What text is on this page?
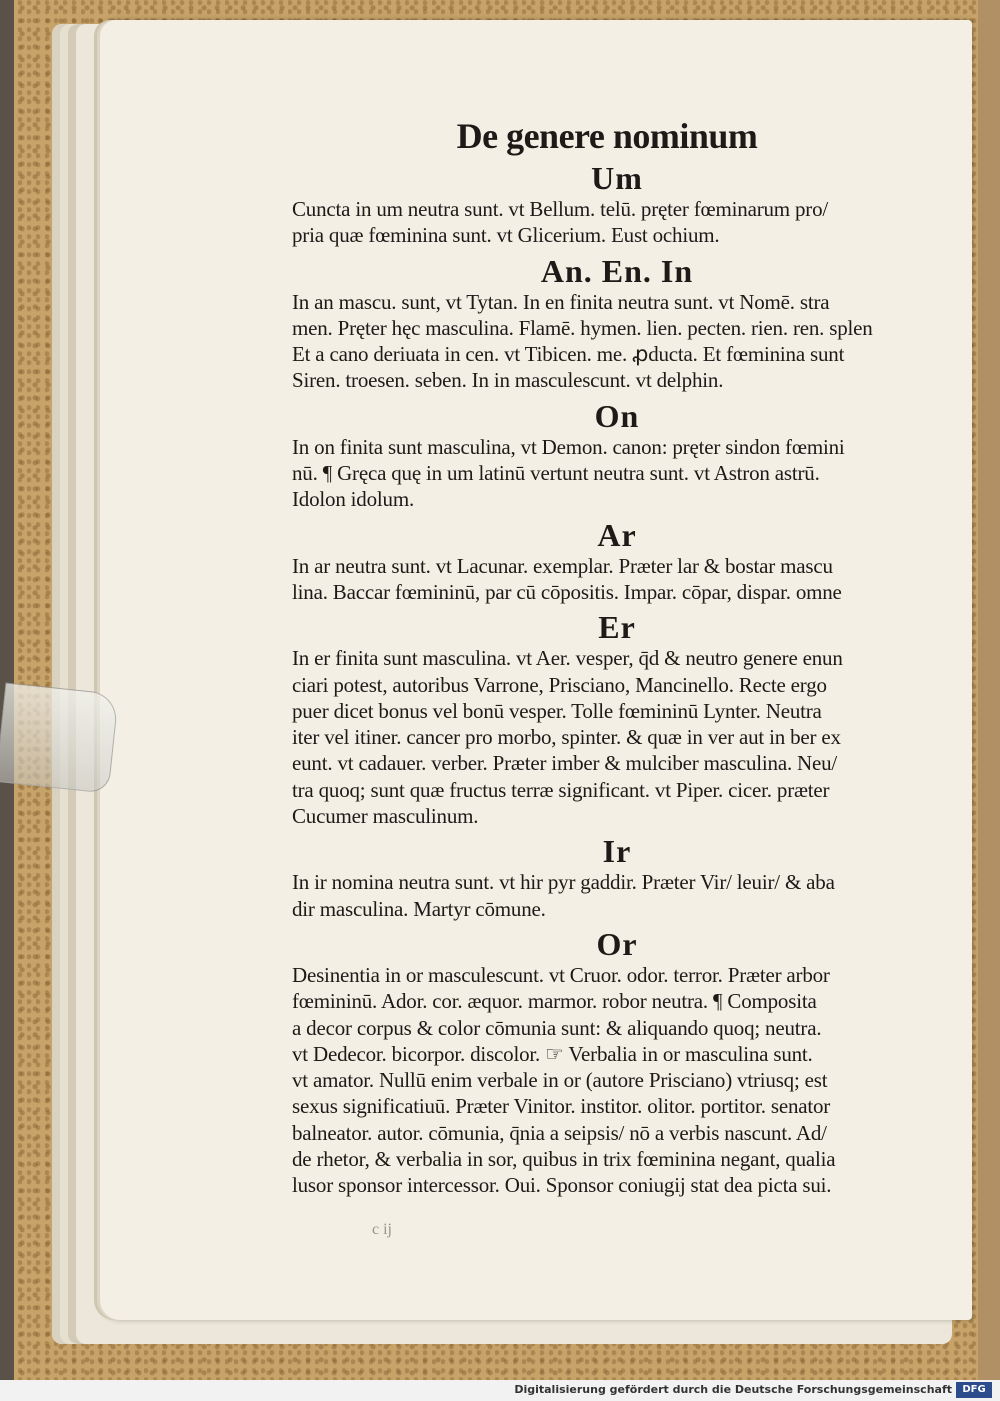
De genere nominum
Um

Cuncta in um neutra sunt. vt Bellum. telū. pręter fœminarum pro/

pria quæ fœminina sunt. vt Glicerium. Eust ochium.

An. En. In

In an mascu. sunt, vt Tytan. In en finita neutra sunt. vt Nomē. stra

men. Pręter hęc masculina. Flamē. hymen. lien. pecten. rien. ren. splen

Et a cano deriuata in cen. vt Tibicen. me. ꝓducta. Et fœminina sunt

Siren. troesen. seben. In in masculescunt. vt delphin.

On

In on finita sunt masculina, vt Demon. canon: pręter sindon fœmini

nū. ¶ Gręca quę in um latinū vertunt neutra sunt. vt Astron astrū.

Idolon idolum.

Ar

In ar neutra sunt. vt Lacunar. exemplar. Præter lar & bostar mascu

lina. Baccar fœmininū, par cū cōpositis. Impar. cōpar, dispar. omne

Er

In er finita sunt masculina. vt Aer. vesper, q̄d & neutro genere enun

ciari potest, autoribus Varrone, Prisciano, Mancinello. Recte ergo

puer dicet bonus vel bonū vesper. Tolle fœmininū Lynter. Neutra

iter vel itiner. cancer pro morbo, spinter. & quæ in ver aut in ber ex

eunt. vt cadauer. verber. Præter imber & mulciber masculina. Neu/

tra quoq; sunt quæ fructus terræ significant. vt Piper. cicer. præter

Cucumer masculinum.

Ir

In ir nomina neutra sunt. vt hir pyr gaddir. Præter Vir/ leuir/ & aba

dir masculina. Martyr cōmune.

Or

Desinentia in or masculescunt. vt Cruor. odor. terror. Præter arbor

fœmininū. Ador. cor. æquor. marmor. robor neutra. ¶ Composita

a decor corpus & color cōmunia sunt: & aliquando quoq; neutra.

vt Dedecor. bicorpor. discolor. ☞ Verbalia in or masculina sunt.

vt amator. Nullū enim verbale in or (autore Prisciano) vtriusq; est

sexus significatiuū. Præter Vinitor. institor. olitor. portitor. senator

balneator. autor. cōmunia, q̄nia a seipsis/ nō a verbis nascunt. Ad/

de rhetor, & verbalia in sor, quibus in trix fœminina negant, qualia

lusor sponsor intercessor. Oui. Sponsor coniugij stat dea picta sui.

c ij
Digitalisierung gefördert durch die Deutsche Forschungsgemeinschaft	DFG
